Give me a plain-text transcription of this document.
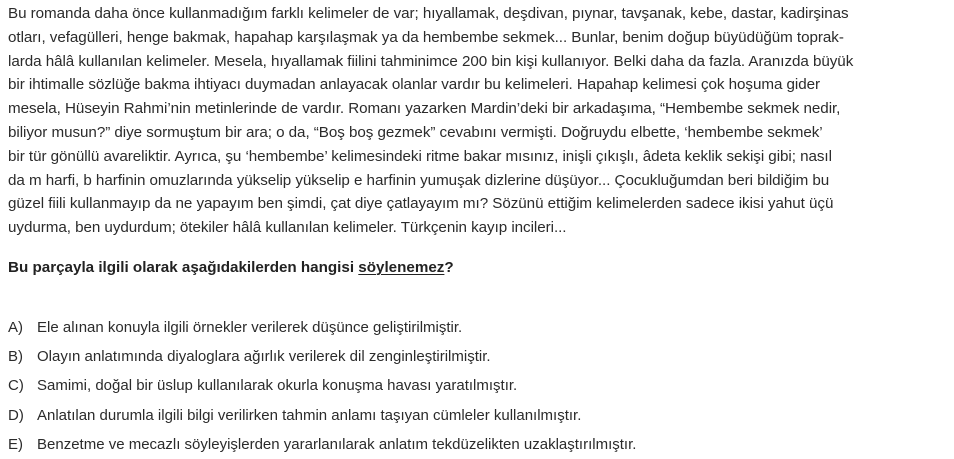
Bu romanda daha önce kullanmadığım farklı kelimeler de var; hıyallamak, deşdivan, pıynar, tavşanak, kebe, dastar, kadirşinas
otları, vefagülleri, henge bakmak, hapahap karşılaşmak ya da hembembe sekmek... Bunlar, benim doğup büyüdüğüm toprak-
larda hâlâ kullanılan kelimeler. Mesela, hıyallamak fiilini tahminimce 200 bin kişi kullanıyor. Belki daha da fazla. Aranızda büyük
bir ihtimalle sözlüğe bakma ihtiyacı duymadan anlayacak olanlar vardır bu kelimeleri. Hapahap kelimesi çok hoşuma gider
mesela, Hüseyin Rahmi’nin metinlerinde de vardır. Romanı yazarken Mardin’deki bir arkadaşıma, “Hembembe sekmek nedir,
biliyor musun?” diye sormuştum bir ara; o da, “Boş boş gezmek” cevabını vermişti. Doğruydu elbette, ‘hembembe sekmek’
bir tür gönüllü avareliktir. Ayrıca, şu ‘hembembe’ kelimesindeki ritme bakar mısınız, inişli çıkışlı, âdeta keklik sekişi gibi; nasıl
da m harfi, b harfinin omuzlarında yükselip yükselip e harfinin yumuşak dizlerine düşüyor... Çocukluğumdan beri bildiğim bu
güzel fiili kullanmayıp da ne yapayım ben şimdi, çat diye çatlayayım mı? Sözünü ettiğim kelimelerden sadece ikisi yahut üçü
uydurma, ben uydurdum; ötekiler hâlâ kullanılan kelimeler. Türkçenin kayıp incileri...
Bu parçayla ilgili olarak aşağıdakilerden hangisi söylenemez?
A) Ele alınan konuyla ilgili örnekler verilerek düşünce geliştirilmiştir.
B) Olayın anlatımında diyaloglara ağırlık verilerek dil zenginleştirilmiştir.
C) Samimi, doğal bir üslup kullanılarak okurla konuşma havası yaratılmıştır.
D) Anlatılan durumla ilgili bilgi verilirken tahmin anlamı taşıyan cümleler kullanılmıştır.
E) Benzetme ve mecazlı söyleyişlerden yararlanılarak anlatım tekdüzelikten uzaklaştırılmıştır.
